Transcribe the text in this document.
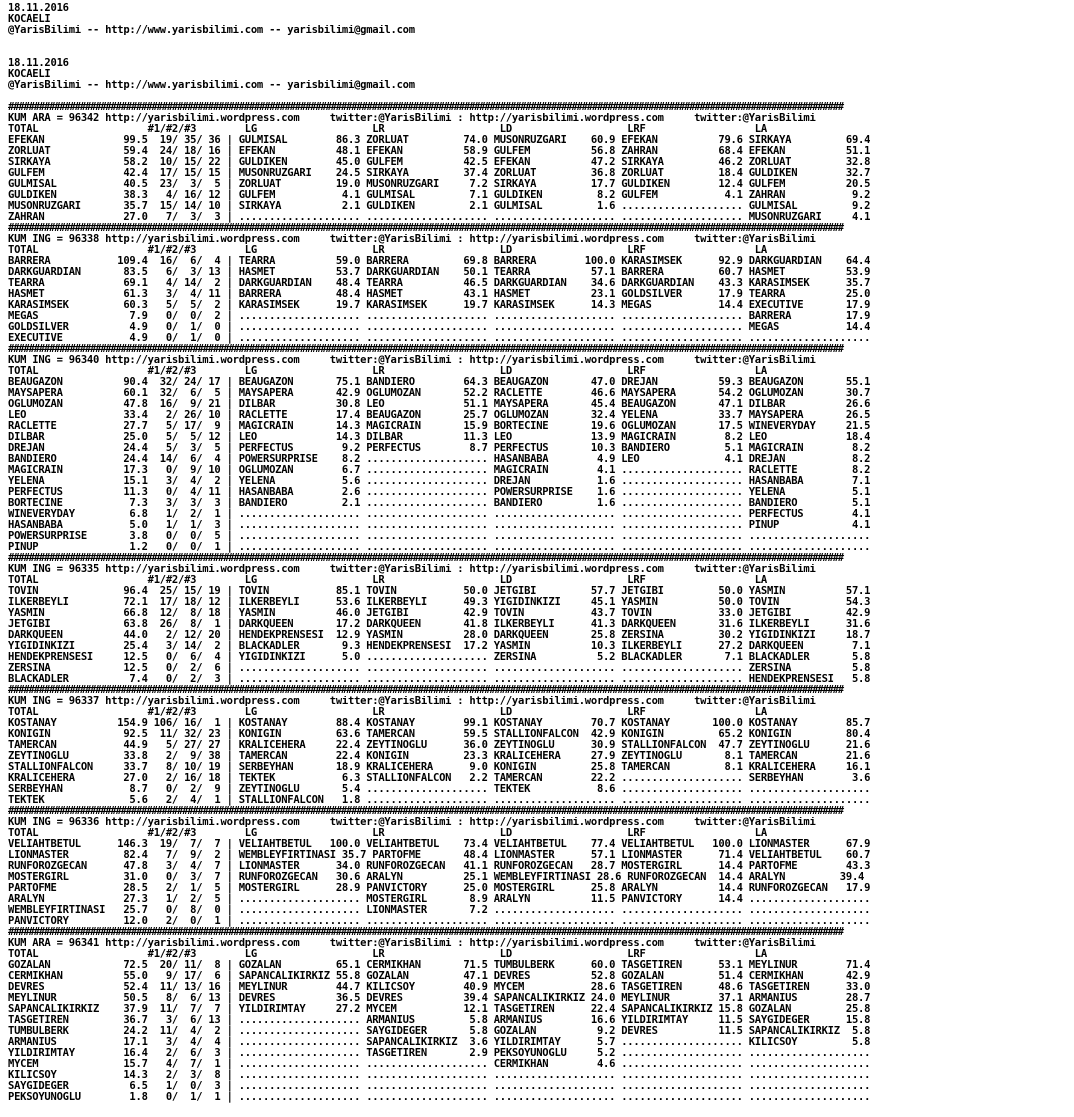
18.11.2016
KOCAELI
@YarisBilimi -- http://www.yarisbilimi.com -- yarisbilimi@gmail.com
18.11.2016
KOCAELI
@YarisBilimi -- http://www.yarisbilimi.com -- yarisbilimi@gmail.com
###################################################################################################################################################################
KUM ARA = 96342 http://yarisbilimi.wordpress.com     twitter:@YarisBilimi : http://yarisbilimi.wordpress.com     twitter:@YarisBilimi
TOTAL                  #1/#2/#3        LG                   LR                   LD                   LRF                  LA
EFEKAN             99.5  19/ 35/ 36 | GULMISAL        86.3 ZORLUAT         74.0 MUSONRUZGARI    60.9 EFEKAN          79.6 SIRKAYA         69.4
ZORLUAT            59.4  24/ 18/ 16 | EFEKAN          48.1 EFEKAN          58.9 GULFEM          56.8 ZAHRAN          68.4 EFEKAN          51.1
SIRKAYA            58.2  10/ 15/ 22 | GULDIKEN        45.0 GULFEM          42.5 EFEKAN          47.2 SIRKAYA         46.2 ZORLUAT         32.8
GULFEM             42.4  17/ 15/ 15 | MUSONRUZGARI    24.5 SIRKAYA         37.4 ZORLUAT         36.8 ZORLUAT         18.4 GULDIKEN        32.7
GULMISAL           40.5  23/  3/  5 | ZORLUAT         19.0 MUSONRUZGARI     7.2 SIRKAYA         17.7 GULDIKEN        12.4 GULFEM          20.5
GULDIKEN           38.3   4/ 16/ 12 | GULFEM           4.1 GULMISAL         7.1 GULDIKEN         8.2 GULFEM           4.1 ZAHRAN           9.2
MUSONRUZGARI       35.7  15/ 14/ 10 | SIRKAYA          2.1 GULDIKEN         2.1 GULMISAL         1.6 .................... GULMISAL         9.2
ZAHRAN             27.0   7/  3/  3 | .................... .................... .................... .................... MUSONRUZGARI     4.1
###################################################################################################################################################################
KUM ING = 96338 http://yarisbilimi.wordpress.com     twitter:@YarisBilimi : http://yarisbilimi.wordpress.com     twitter:@YarisBilimi
TOTAL                  #1/#2/#3        LG                   LR                   LD                   LRF                  LA
BARRERA           109.4  16/  6/  4 | TEARRA          59.0 BARRERA         69.8 BARRERA        100.0 KARASIMSEK      92.9 DARKGUARDIAN    64.4
DARKGUARDIAN       83.5   6/  3/ 13 | HASMET          53.7 DARKGUARDIAN    50.1 TEARRA          57.1 BARRERA         60.7 HASMET          53.9
TEARRA             69.1   4/ 14/  2 | DARKGUARDIAN    48.4 TEARRA          46.5 DARKGUARDIAN    34.6 DARKGUARDIAN    43.3 KARASIMSEK      35.7
HASMET             61.3   3/  4/ 11 | BARRERA         48.4 HASMET          43.1 HASMET          23.1 GOLDSILVER      17.9 TEARRA          25.0
KARASIMSEK         60.3   5/  5/  2 | KARASIMSEK      19.7 KARASIMSEK      19.7 KARASIMSEK      14.3 MEGAS           14.4 EXECUTIVE       17.9
MEGAS               7.9   0/  0/  2 | .................... .................... .................... .................... BARRERA         17.9
GOLDSILVER          4.9   0/  1/  0 | .................... .................... .................... .................... MEGAS           14.4
EXECUTIVE           4.9   0/  1/  0 | .................... .................... .................... .................... ....................
###################################################################################################################################################################
KUM ING = 96340 http://yarisbilimi.wordpress.com     twitter:@YarisBilimi : http://yarisbilimi.wordpress.com     twitter:@YarisBilimi
TOTAL                  #1/#2/#3        LG                   LR                   LD                   LRF                  LA
BEAUGAZON          90.4  32/ 24/ 17 | BEAUGAZON       75.1 BANDIERO        64.3 BEAUGAZON       47.0 DREJAN          59.3 BEAUGAZON       55.1
MAYSAPERA          60.1  32/  6/  5 | MAYSAPERA       42.9 OGLUMOZAN       52.2 RACLETTE        46.6 MAYSAPERA       54.2 OGLUMOZAN       30.7
OGLUMOZAN          47.8  16/  9/ 21 | DILBAR          30.8 LEO             51.1 MAYSAPERA       45.4 BEAUGAZON       47.1 DILBAR          26.6
LEO                33.4   2/ 26/ 10 | RACLETTE        17.4 BEAUGAZON       25.7 OGLUMOZAN       32.4 YELENA          33.7 MAYSAPERA       26.5
RACLETTE           27.7   5/ 17/  9 | MAGICRAIN       14.3 MAGICRAIN       15.9 BORTECINE       19.6 OGLUMOZAN       17.5 WINEVERYDAY     21.5
DILBAR             25.0   5/  5/ 12 | LEO             14.3 DILBAR          11.3 LEO             13.9 MAGICRAIN        8.2 LEO             18.4
DREJAN             24.4   5/  3/  5 | PERFECTUS        9.2 PERFECTUS        8.7 PERFECTUS       10.3 BANDIERO         5.1 MAGICRAIN        8.2
BANDIERO           24.4  14/  6/  4 | POWERSURPRISE    8.2 .................... HASANBABA        4.9 LEO              4.1 DREJAN           8.2
MAGICRAIN          17.3   0/  9/ 10 | OGLUMOZAN        6.7 .................... MAGICRAIN        4.1 .................... RACLETTE         8.2
YELENA             15.1   3/  4/  2 | YELENA           5.6 .................... DREJAN           1.6 .................... HASANBABA        7.1
PERFECTUS          11.3   0/  4/ 11 | HASANBABA        2.6 .................... POWERSURPRISE    1.6 .................... YELENA           5.1
BORTECINE           7.3   3/  3/  3 | BANDIERO         2.1 .................... BANDIERO         1.6 .................... BANDIERO         5.1
WINEVERYDAY         6.8   1/  2/  1 | .................... .................... .................... .................... PERFECTUS        4.1
HASANBABA           5.0   1/  1/  3 | .................... .................... .................... .................... PINUP            4.1
POWERSURPRISE       3.8   0/  0/  5 | .................... .................... .................... .................... ....................
PINUP               1.2   0/  0/  1 | .................... .................... .................... .................... ....................
###################################################################################################################################################################
KUM ING = 96335 http://yarisbilimi.wordpress.com     twitter:@YarisBilimi : http://yarisbilimi.wordpress.com     twitter:@YarisBilimi
TOTAL                  #1/#2/#3        LG                   LR                   LD                   LRF                  LA
TOVIN              96.4  25/ 15/ 19 | TOVIN           85.1 TOVIN           50.0 JETGIBI         57.7 JETGIBI         50.0 YASMIN          57.1
ILKERBEYLI         72.1  17/ 18/ 12 | ILKERBEYLI      53.6 ILKERBEYLI      49.3 YIGIDINKIZI     45.1 YASMIN          50.0 TOVIN           54.3
YASMIN             66.8  12/  8/ 18 | YASMIN          46.0 JETGIBI         42.9 TOVIN           43.7 TOVIN           33.0 JETGIBI         42.9
JETGIBI            63.8  26/  8/  1 | DARKQUEEN       17.2 DARKQUEEN       41.8 ILKERBEYLI      41.3 DARKQUEEN       31.6 ILKERBEYLI      31.6
DARKQUEEN          44.0   2/ 12/ 20 | HENDEKPRENSESI  12.9 YASMIN          28.0 DARKQUEEN       25.8 ZERSINA         30.2 YIGIDINKIZI     18.7
YIGIDINKIZI        25.4   3/ 14/  2 | BLACKADLER       9.3 HENDEKPRENSESI  17.2 YASMIN          10.3 ILKERBEYLI      27.2 DARKQUEEN        7.1
HENDEKPRENSESI     12.5   0/  6/  4 | YIGIDINKIZI      5.0 .................... ZERSINA          5.2 BLACKADLER       7.1 BLACKADLER       5.8
ZERSINA            12.5   0/  2/  6 | .................... .................... .................... .................... ZERSINA          5.8
BLACKADLER          7.4   0/  2/  3 | .................... .................... .................... .................... HENDEKPRENSESI   5.8
###################################################################################################################################################################
KUM ING = 96337 http://yarisbilimi.wordpress.com     twitter:@YarisBilimi : http://yarisbilimi.wordpress.com     twitter:@YarisBilimi
TOTAL                  #1/#2/#3        LG                   LR                   LD                   LRF                  LA
KOSTANAY          154.9 106/ 16/  1 | KOSTANAY        88.4 KOSTANAY        99.1 KOSTANAY        70.7 KOSTANAY       100.0 KOSTANAY        85.7
KONIGIN            92.5  11/ 32/ 23 | KONIGIN         63.6 TAMERCAN        59.5 STALLIONFALCON  42.9 KONIGIN         65.2 KONIGIN         80.4
TAMERCAN           44.9   5/ 27/ 27 | KRALICEHERA     22.4 ZEYTINOGLU      36.0 ZEYTINOGLU      30.9 STALLIONFALCON  47.7 ZEYTINOGLU      21.6
ZEYTINOGLU         33.8   2/  9/ 38 | TAMERCAN        22.4 KONIGIN         23.3 KRALICEHERA     27.9 ZEYTINOGLU       8.1 TAMERCAN        21.6
STALLIONFALCON     33.7   8/ 10/ 19 | SERBEYHAN       18.9 KRALICEHERA      9.0 KONIGIN         25.8 TAMERCAN         8.1 KRALICEHERA     16.1
KRALICEHERA        27.0   2/ 16/ 18 | TEKTEK           6.3 STALLIONFALCON   2.2 TAMERCAN        22.2 .................... SERBEYHAN        3.6
SERBEYHAN           8.7   0/  2/  9 | ZEYTINOGLU       5.4 .................... TEKTEK           8.6 .................... ....................
TEKTEK              5.6   2/  4/  1 | STALLIONFALCON   1.8 .................... .................... .................... ....................
###################################################################################################################################################################
KUM ING = 96336 http://yarisbilimi.wordpress.com     twitter:@YarisBilimi : http://yarisbilimi.wordpress.com     twitter:@YarisBilimi
TOTAL                  #1/#2/#3        LG                   LR                   LD                   LRF                  LA
VELIAHTBETUL      146.3  19/  7/  7 | VELIAHTBETUL   100.0 VELIAHTBETUL    73.4 VELIAHTBETUL    77.4 VELIAHTBETUL   100.0 LIONMASTER      67.9
LIONMASTER         82.4   7/  9/  2 | WEMBLEYFIRTINASI 35.7 PARTOFME       48.4 LIONMASTER      57.1 LIONMASTER      71.4 VELIAHTBETUL    60.7
RUNFOROZGECAN      47.8   3/  4/  7 | LIONMASTER      34.0 RUNFOROZGECAN   41.1 RUNFOROZGECAN   28.7 MOSTERGIRL      14.4 PARTOFME        43.3
MOSTERGIRL         31.0   0/  3/  7 | RUNFOROZGECAN   30.6 ARALYN          25.1 WEMBLEYFIRTINASI 28.6 RUNFOROZGECAN  14.4 ARALYN         39.4
PARTOFME           28.5   2/  1/  5 | MOSTERGIRL      28.9 PANVICTORY      25.0 MOSTERGIRL      25.8 ARALYN          14.4 RUNFOROZGECAN   17.9
ARALYN             27.3   1/  2/  5 | .................... MOSTERGIRL       8.9 ARALYN          11.5 PANVICTORY      14.4 ....................
WEMBLEYFIRTINASI   25.7   0/  8/  0 | .................... LIONMASTER       7.2 .................... .................... ....................
PANVICTORY         12.0   2/  0/  1 | .................... .................... .................... .................... ....................
###################################################################################################################################################################
KUM ARA = 96341 http://yarisbilimi.wordpress.com     twitter:@YarisBilimi : http://yarisbilimi.wordpress.com     twitter:@YarisBilimi
TOTAL                  #1/#2/#3        LG                   LR                   LD                   LRF                  LA
GOZALAN            72.5  20/ 11/  8 | GOZALAN         65.1 CERMIKHAN       71.5 TUMBULBERK      60.0 TASGETIREN      53.1 MEYLINUR        71.4
CERMIKHAN          55.0   9/ 17/  6 | SAPANCALIKIRKIZ 55.8 GOZALAN         47.1 DEVRES          52.8 GOZALAN         51.4 CERMIKHAN       42.9
DEVRES             52.4  11/ 13/ 16 | MEYLINUR        44.7 KILICSOY        40.9 MYCEM           28.6 TASGETIREN      48.6 TASGETIREN      33.0
MEYLINUR           50.5   8/  6/ 13 | DEVRES          36.5 DEVRES          39.4 SAPANCALIKIRKIZ 24.0 MEYLINUR        37.1 ARMANIUS        28.7
SAPANCALIKIRKIZ    37.9  11/  7/  7 | YILDIRIMTAY     27.2 MYCEM           12.1 TASGETIREN      22.4 SAPANCALIKIRKIZ 15.8 GOZALAN         25.8
TASGETIREN         36.7   3/  6/ 13 | .................... ARMANIUS         5.8 ARMANIUS        16.6 YILDIRIMTAY     11.5 SAYGIDEGER      15.8
TUMBULBERK         24.2  11/  4/  2 | .................... SAYGIDEGER       5.8 GOZALAN          9.2 DEVRES          11.5 SAPANCALIKIRKIZ  5.8
ARMANIUS           17.1   3/  4/  4 | .................... SAPANCALIKIRKIZ  3.6 YILDIRIMTAY      5.7 .................... KILICSOY         5.8
YILDIRIMTAY        16.4   2/  6/  3 | .................... TASGETIREN       2.9 PEKSOYUNOGLU     5.2 .................... ....................
MYCEM              15.7   4/  7/  1 | .................... .................... CERMIKHAN        4.6 .................... ....................
KILICSOY           14.3   2/  3/  8 | .................... .................... .................... .................... ....................
SAYGIDEGER          6.5   1/  0/  3 | .................... .................... .................... .................... ....................
PEKSOYUNOGLU        1.8   0/  1/  1 | .................... .................... .................... .................... ....................
